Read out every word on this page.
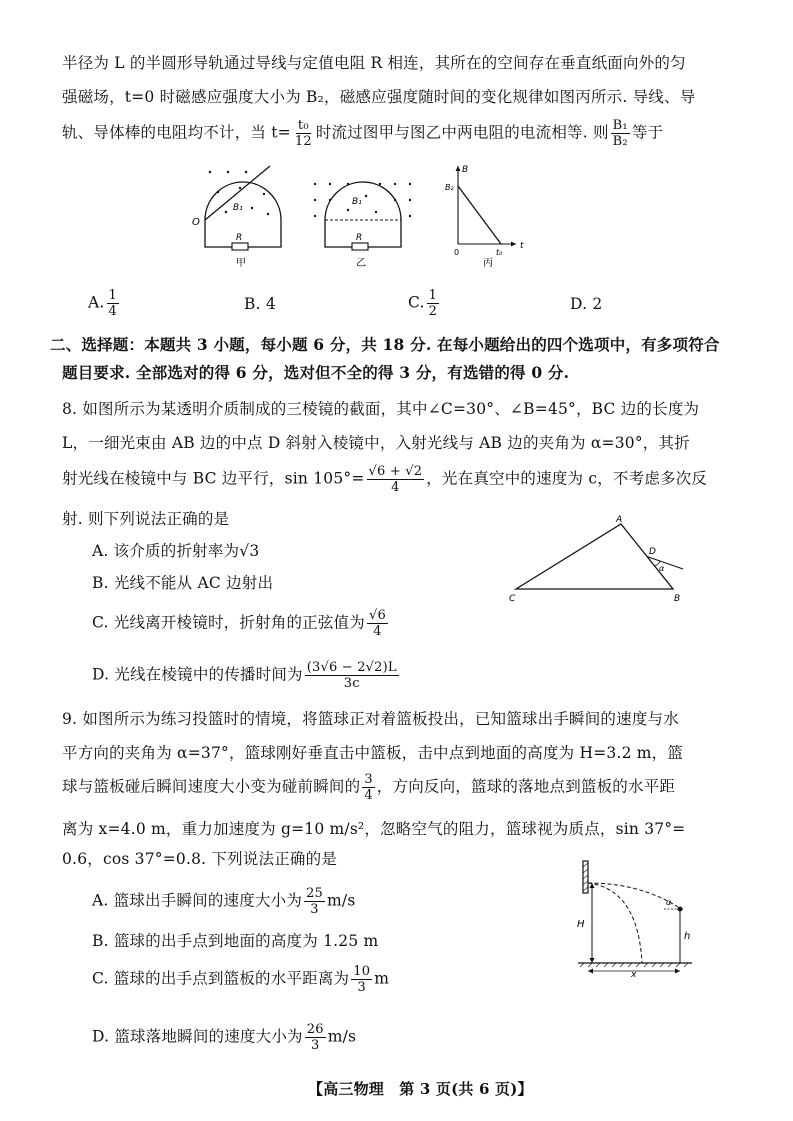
半径为 L 的半圆形导轨通过导线与定值电阻 R 相连，其所在的空间存在垂直纸面向外的匀
强磁场，t=0 时磁感应强度大小为 B₂，磁感应强度随时间的变化规律如图丙所示. 导线、导
轨、导体棒的电阻均不计，当 $t= \frac{\text{t₀}}{12}$ 时流过图甲与图乙中两电阻的电流相等. 则 $\frac{\text{B₁}}{\text{B₂}}$ 等于
O
B₁
R
甲
B₁
R
乙
B
B₂
0	t₀
t
丙
A. $\frac{1}{4}$	B. 4	C. $\frac{1}{2}$	D. 2
二、选择题：本题共 3 小题，每小题 6 分，共 18 分. 在每小题给出的四个选项中，有多项符合
题目要求. 全部选对的得 6 分，选对但不全的得 3 分，有选错的得 0 分.
8. 如图所示为某透明介质制成的三棱镜的截面，其中∠C=30°、∠B=45°，BC 边的长度为
L，一细光束由 AB 边的中点 D 斜射入棱镜中，入射光线与 AB 边的夹角为 α=30°，其折
射光线在棱镜中与 BC 边平行，$\sin 105^\circ= \frac{√6 + √2}{4}$ ，光在真空中的速度为 c，不考虑多次反
射. 则下列说法正确的是
A. 该介质的折射率为√3
B. 光线不能从 AC 边射出
C. 光线离开棱镜时，折射角的正弦值为 $\frac{√6}{4}$
D. 光线在棱镜中的传播时间为 $\frac{(3√6 - 2√2)L}{3c}$
A
B
C
D
α
9. 如图所示为练习投篮时的情境，将篮球正对着篮板投出，已知篮球出手瞬间的速度与水
平方向的夹角为 α=37°，篮球刚好垂直击中篮板，击中点到地面的高度为 H=3.2 m，篮
球与篮板碰后瞬间速度大小变为碰前瞬间的 $\frac{3}{4}$ ，方向反向，篮球的落地点到篮板的水平距
离为 x=4.0 m，重力加速度为 g=10 m/s²，忽略空气的阻力，篮球视为质点，sin 37°=
0.6，cos 37°=0.8. 下列说法正确的是
A. 篮球出手瞬间的速度大小为 $\frac{25}{3} m/s$
B. 篮球的出手点到地面的高度为 1.25 m
C. 篮球的出手点到篮板的水平距离为 $\frac{10}{3}$ m
D. 篮球落地瞬间的速度大小为 $\frac{26}{3} m/s$
H
h
x
α
【高三物理　第 3 页(共 6 页)】
